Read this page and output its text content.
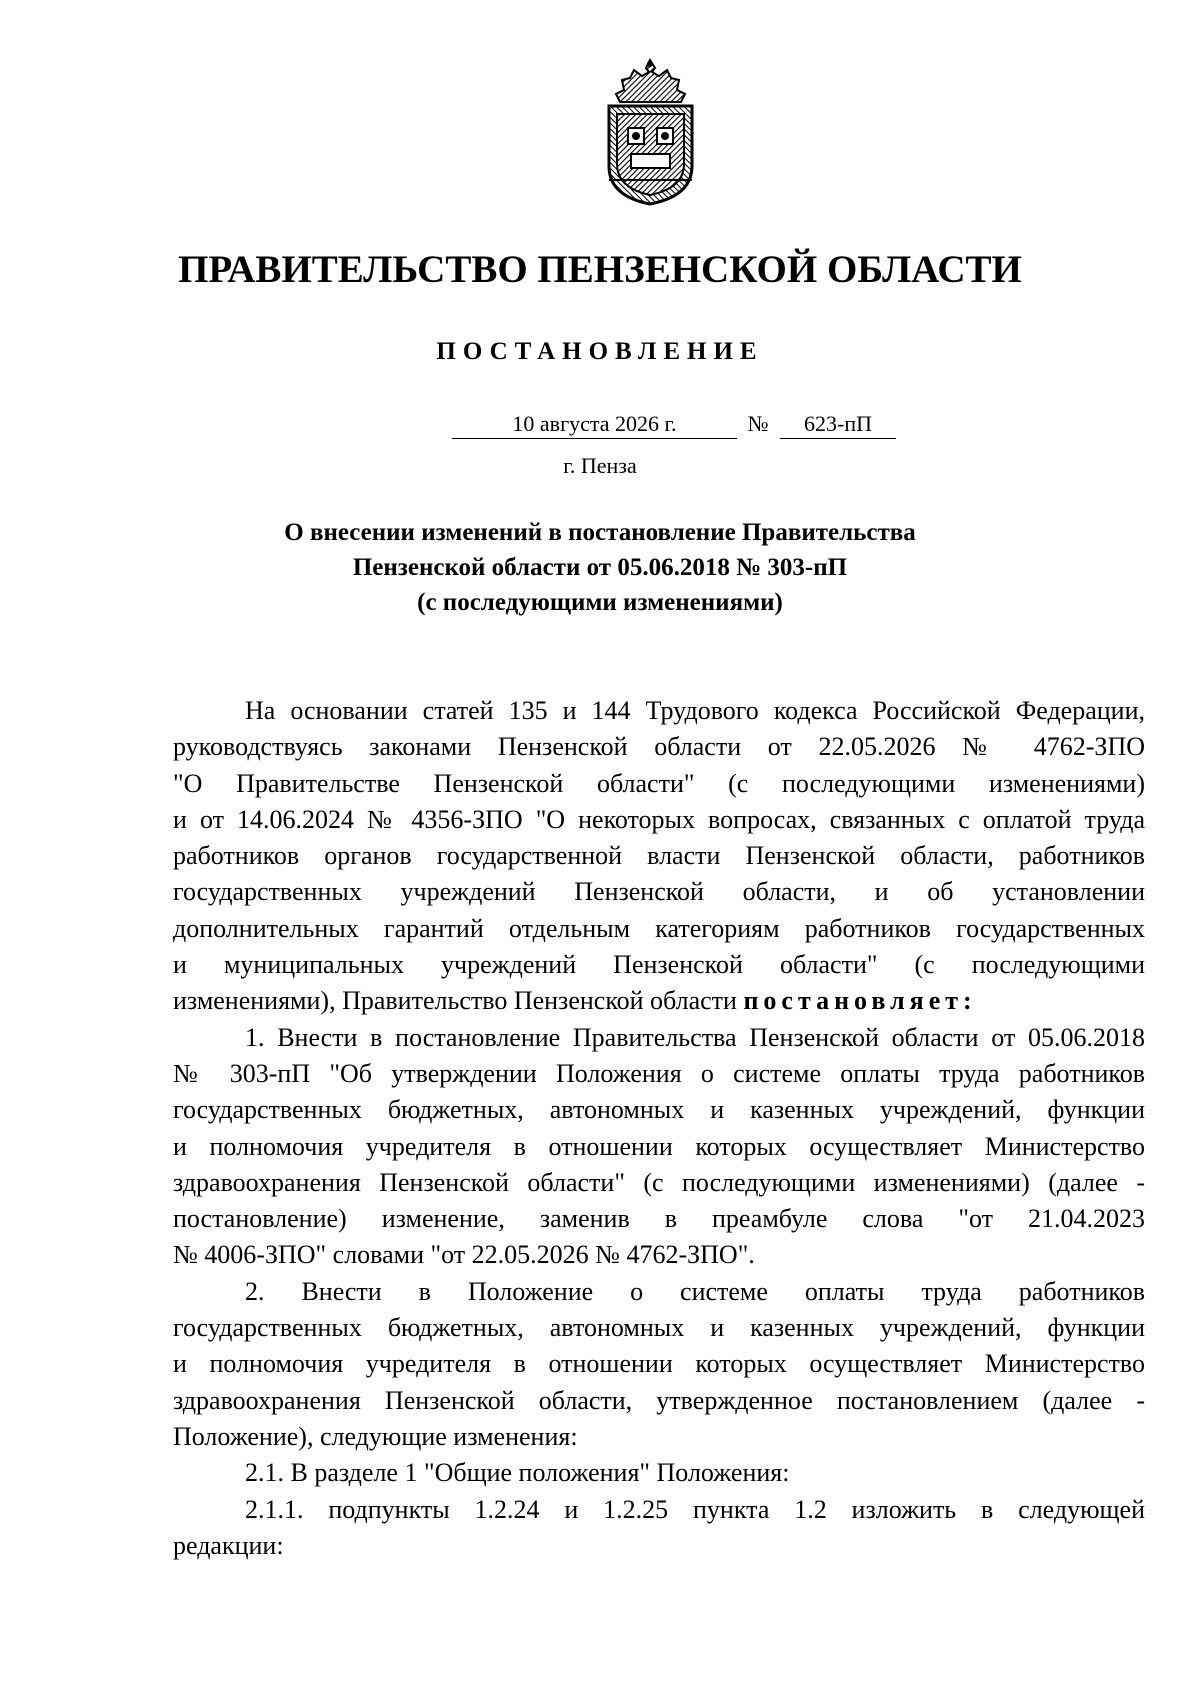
ПРАВИТЕЛЬСТВО ПЕНЗЕНСКОЙ ОБЛАСТИ
ПОСТАНОВЛЕНИЕ
10 августа 2026 г.	№	623-пП
г. Пенза
О внесении изменений в постановление Правительства
Пензенской области от 05.06.2018 № 303-пП
(с последующими изменениями)
На основании статей 135 и 144 Трудового кодекса Российской Федерации,
руководствуясь законами Пензенской области от 22.05.2026 № 4762-ЗПО
"О Правительстве Пензенской области" (с последующими изменениями)
и от 14.06.2024 № 4356-ЗПО "О некоторых вопросах, связанных с оплатой труда
работников органов государственной власти Пензенской области, работников
государственных учреждений Пензенской области, и об установлении
дополнительных гарантий отдельным категориям работников государственных
и муниципальных учреждений Пензенской области" (с последующими
изменениями), Правительство Пензенской области постановляет:
1. Внести в постановление Правительства Пензенской области от 05.06.2018
№ 303-пП "Об утверждении Положения о системе оплаты труда работников
государственных бюджетных, автономных и казенных учреждений, функции
и полномочия учредителя в отношении которых осуществляет Министерство
здравоохранения Пензенской области" (с последующими изменениями) (далее -
постановление) изменение, заменив в преамбуле слова "от 21.04.2023
№ 4006-ЗПО" словами "от 22.05.2026 № 4762-ЗПО".
2. Внести в Положение о системе оплаты труда работников
государственных бюджетных, автономных и казенных учреждений, функции
и полномочия учредителя в отношении которых осуществляет Министерство
здравоохранения Пензенской области, утвержденное постановлением (далее -
Положение), следующие изменения:
2.1. В разделе 1 "Общие положения" Положения:
2.1.1. подпункты 1.2.24 и 1.2.25 пункта 1.2 изложить в следующей
редакции:
